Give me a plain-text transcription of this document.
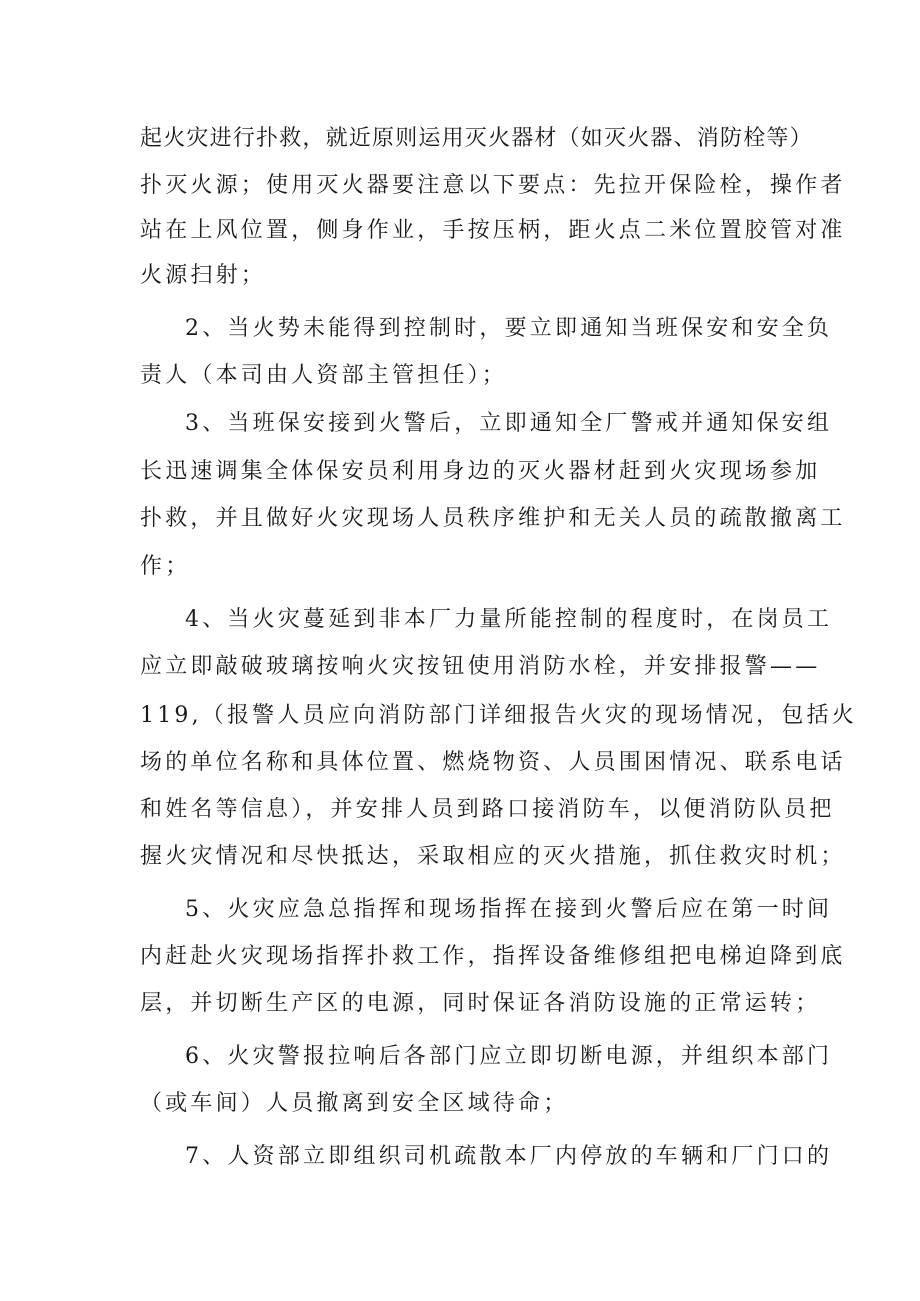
起火灾进行扑救，就近原则运用灭火器材（如灭火器、消防栓等）
扑灭火源；使用灭火器要注意以下要点：先拉开保险栓，操作者
站在上风位置，侧身作业，手按压柄，距火点二米位置胶管对准
火源扫射；
2、当火势未能得到控制时，要立即通知当班保安和安全负
责人（本司由人资部主管担任）；
3、当班保安接到火警后，立即通知全厂警戒并通知保安组
长迅速调集全体保安员利用身边的灭火器材赶到火灾现场参加
扑救，并且做好火灾现场人员秩序维护和无关人员的疏散撤离工
作；
4、当火灾蔓延到非本厂力量所能控制的程度时，在岗员工
应立即敲破玻璃按响火灾按钮使用消防水栓，并安排报警——
119,（报警人员应向消防部门详细报告火灾的现场情况，包括火
场的单位名称和具体位置、燃烧物资、人员围困情况、联系电话
和姓名等信息），并安排人员到路口接消防车，以便消防队员把
握火灾情况和尽快抵达，采取相应的灭火措施，抓住救灾时机；
5、火灾应急总指挥和现场指挥在接到火警后应在第一时间
内赶赴火灾现场指挥扑救工作，指挥设备维修组把电梯迫降到底
层，并切断生产区的电源，同时保证各消防设施的正常运转；
6、火灾警报拉响后各部门应立即切断电源，并组织本部门
（或车间）人员撤离到安全区域待命；
7、人资部立即组织司机疏散本厂内停放的车辆和厂门口的
